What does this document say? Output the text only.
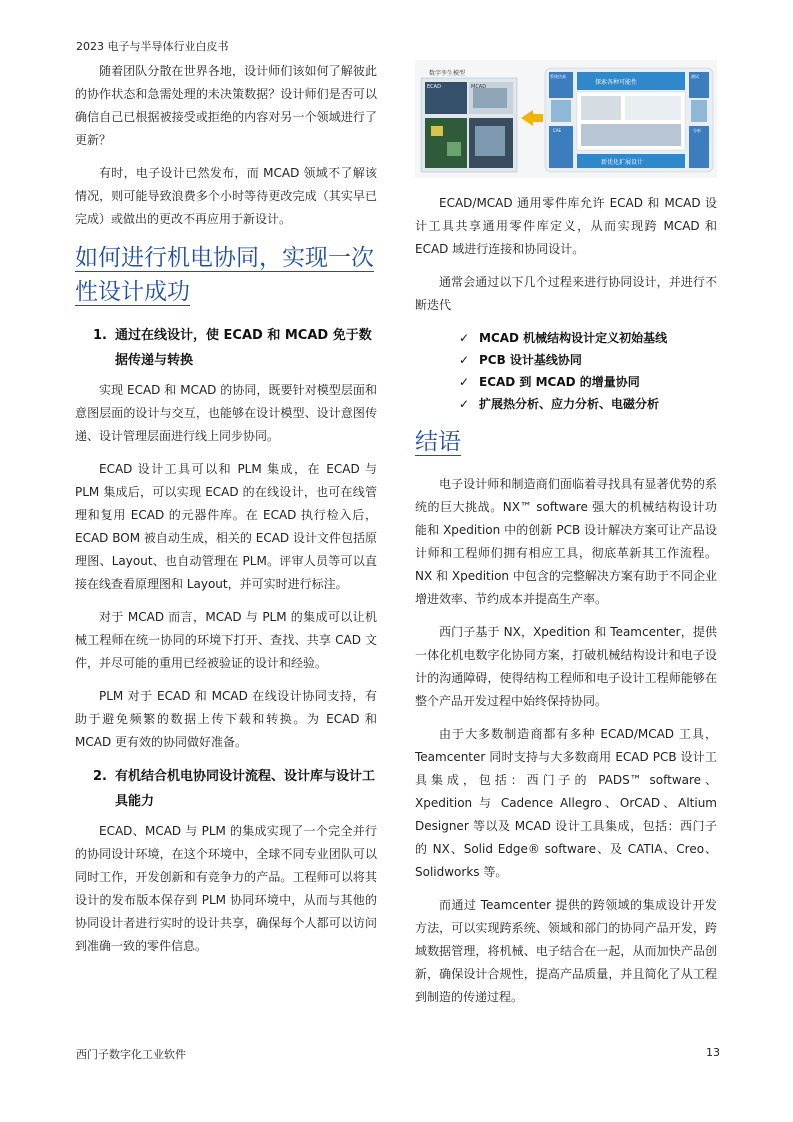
2023 电子与半导体行业白皮书

随着团队分散在世界各地，设计师们该如何了解彼此的协作状态和急需处理的未决策数据？设计师们是否可以确信自己已根据被接受或拒绝的内容对另一个领域进行了更新？

有时，电子设计已然发布，而 MCAD 领域不了解该情况，则可能导致浪费多个小时等待更改完成（其实早已完成）或做出的更改不再应用于新设计。

如何进行机电协同，实现一次性设计成功
1. 通过在线设计，使 ECAD 和 MCAD 免于数据传递与转换

实现 ECAD 和 MCAD 的协同，既要针对模型层面和意图层面的设计与交互，也能够在设计模型、设计意图传递、设计管理层面进行线上同步协同。

ECAD 设计工具可以和 PLM 集成，在 ECAD 与 PLM 集成后，可以实现 ECAD 的在线设计，也可在线管理和复用 ECAD 的元器件库。在 ECAD 执行检入后，ECAD BOM 被自动生成，相关的 ECAD 设计文件包括原理图、Layout、也自动管理在 PLM。评审人员等可以直接在线查看原理图和 Layout，并可实时进行标注。

对于 MCAD 而言，MCAD 与 PLM 的集成可以让机械工程师在统一协同的环境下打开、查找、共享 CAD 文件，并尽可能的重用已经被验证的设计和经验。

PLM 对于 ECAD 和 MCAD 在线设计协同支持，有助于避免频繁的数据上传下载和转换。为 ECAD 和 MCAD 更有效的协同做好准备。

2. 有机结合机电协同设计流程、设计库与设计工具能力

ECAD、MCAD 与 PLM 的集成实现了一个完全并行的协同设计环境，在这个环境中，全球不同专业团队可以同时工作，开发创新和有竞争力的产品。工程师可以将其设计的发布版本保存到 PLM 协同环境中，从而与其他的协同设计者进行实时的设计共享，确保每个人都可以访问到准确一致的零件信息。

数字孪生模型
ECAD	MCAD
探索各种可能性
新优化扩展设计
系统仿真	测试
CAE	分析

ECAD/MCAD 通用零件库允许 ECAD 和 MCAD 设计工具共享通用零件库定义，从而实现跨 MCAD 和 ECAD 域进行连接和协同设计。

通常会通过以下几个过程来进行协同设计，并进行不断迭代

✓ MCAD 机械结构设计定义初始基线
✓ PCB 设计基线协同
✓ ECAD 到 MCAD 的增量协同
✓ 扩展热分析、应力分析、电磁分析
结语

电子设计师和制造商们面临着寻找具有显著优势的系统的巨大挑战。NX™ software 强大的机械结构设计功能和 Xpedition 中的创新 PCB 设计解决方案可让产品设计师和工程师们拥有相应工具，彻底革新其工作流程。NX 和 Xpedition 中包含的完整解决方案有助于不同企业增进效率、节约成本并提高生产率。

西门子基于 NX，Xpedition 和 Teamcenter，提供一体化机电数字化协同方案，打破机械结构设计和电子设计的沟通障碍，使得结构工程师和电子设计工程师能够在整个产品开发过程中始终保持协同。

由于大多数制造商都有多种 ECAD/MCAD 工具，Teamcenter 同时支持与大多数商用 ECAD PCB 设计工具集成，包括：西门子的 PADS™ software、Xpedition 与 Cadence Allegro、OrCAD、Altium Designer 等以及 MCAD 设计工具集成，包括：西门子的 NX、Solid Edge® software、及 CATIA、Creo、Solidworks 等。

而通过 Teamcenter 提供的跨领域的集成设计开发方法，可以实现跨系统、领域和部门的协同产品开发，跨域数据管理，将机械、电子结合在一起，从而加快产品创新，确保设计合规性，提高产品质量，并且简化了从工程到制造的传递过程。

西门子数字化工业软件	13
